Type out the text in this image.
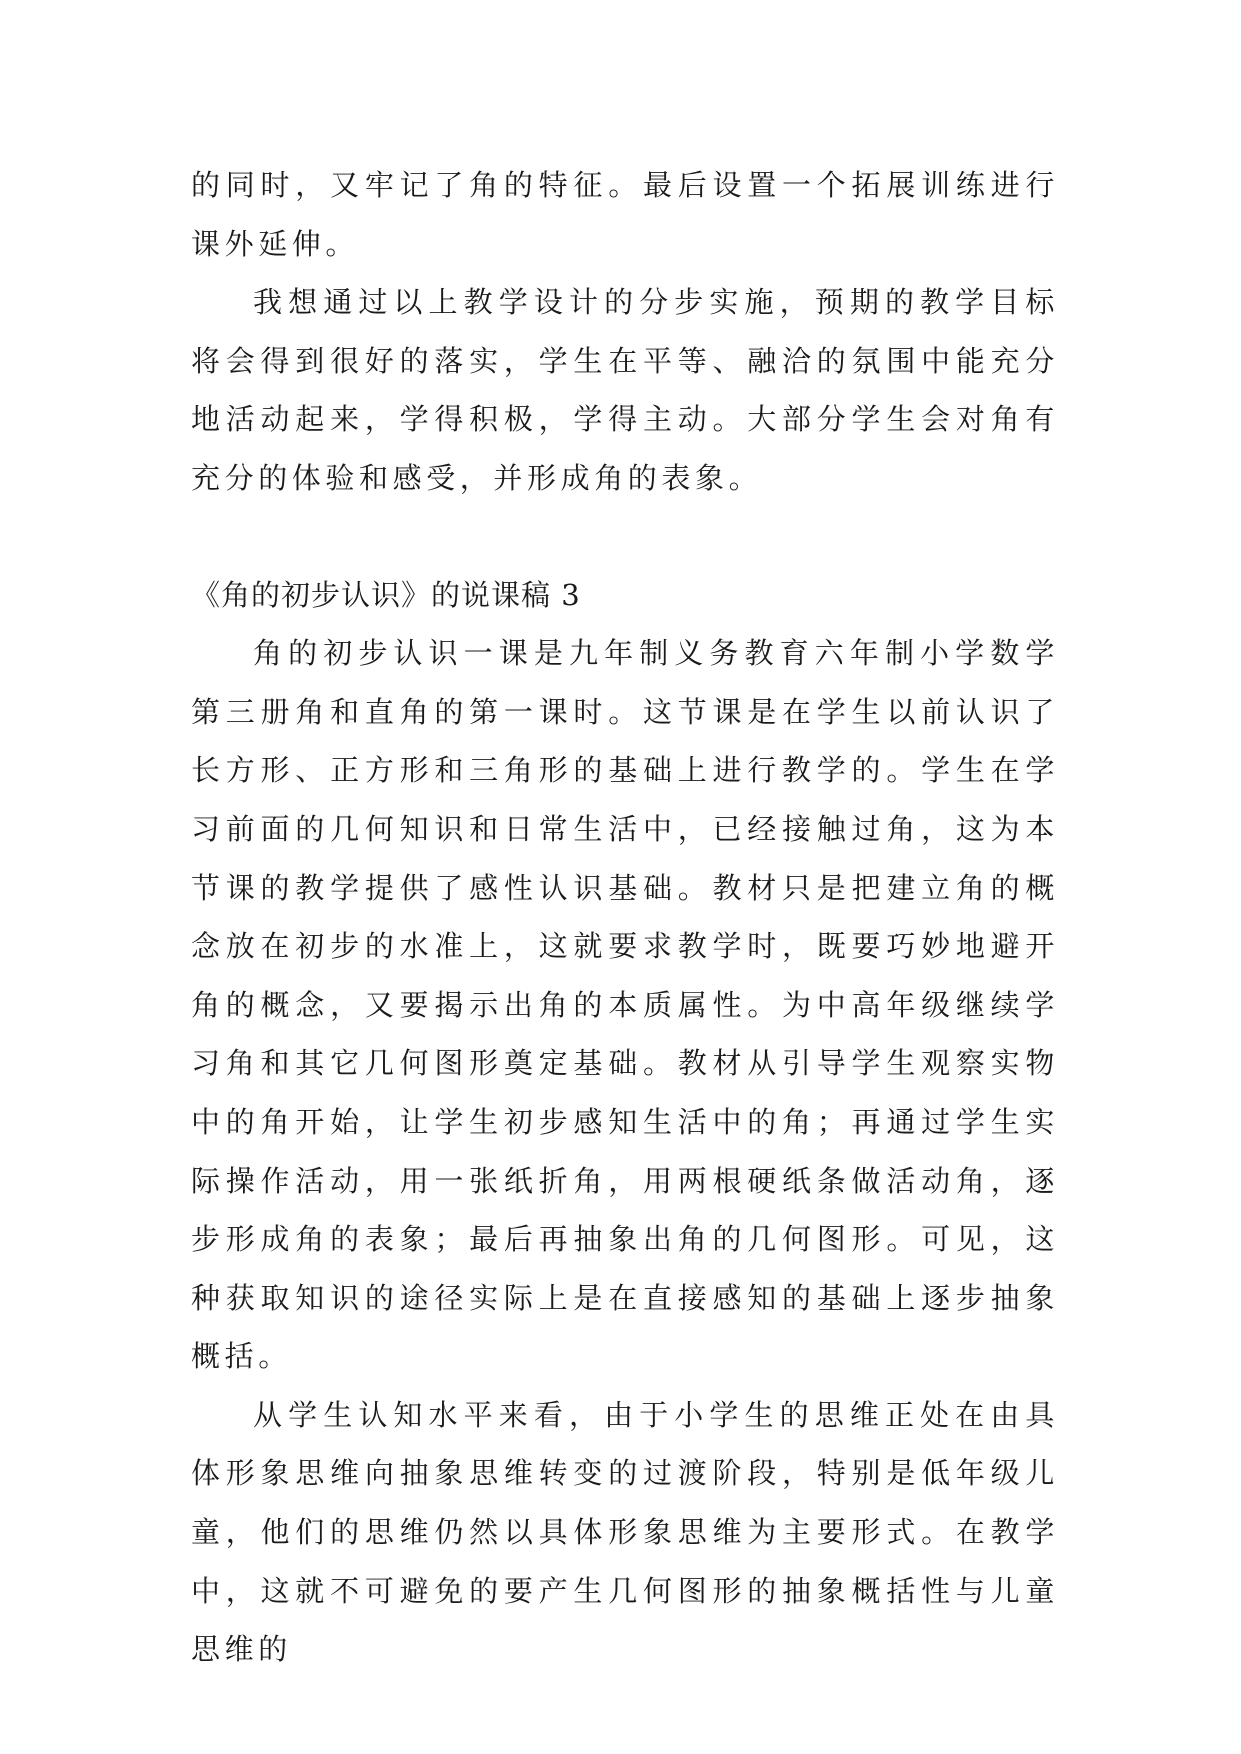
的同时，又牢记了角的特征。最后设置一个拓展训练进行课外延伸。

我想通过以上教学设计的分步实施，预期的教学目标将会得到很好的落实，学生在平等、融洽的氛围中能充分地活动起来，学得积极，学得主动。大部分学生会对角有充分的体验和感受，并形成角的表象。

《角的初步认识》的说课稿 3

角的初步认识一课是九年制义务教育六年制小学数学第三册角和直角的第一课时。这节课是在学生以前认识了长方形、正方形和三角形的基础上进行教学的。学生在学习前面的几何知识和日常生活中，已经接触过角，这为本节课的教学提供了感性认识基础。教材只是把建立角的概念放在初步的水准上，这就要求教学时，既要巧妙地避开角的概念，又要揭示出角的本质属性。为中高年级继续学习角和其它几何图形奠定基础。教材从引导学生观察实物中的角开始，让学生初步感知生活中的角；再通过学生实际操作活动，用一张纸折角，用两根硬纸条做活动角，逐步形成角的表象；最后再抽象出角的几何图形。可见，这种获取知识的途径实际上是在直接感知的基础上逐步抽象概括。

从学生认知水平来看，由于小学生的思维正处在由具体形象思维向抽象思维转变的过渡阶段，特别是低年级儿童，他们的思维仍然以具体形象思维为主要形式。在教学中，这就不可避免的要产生几何图形的抽象概括性与儿童思维的
